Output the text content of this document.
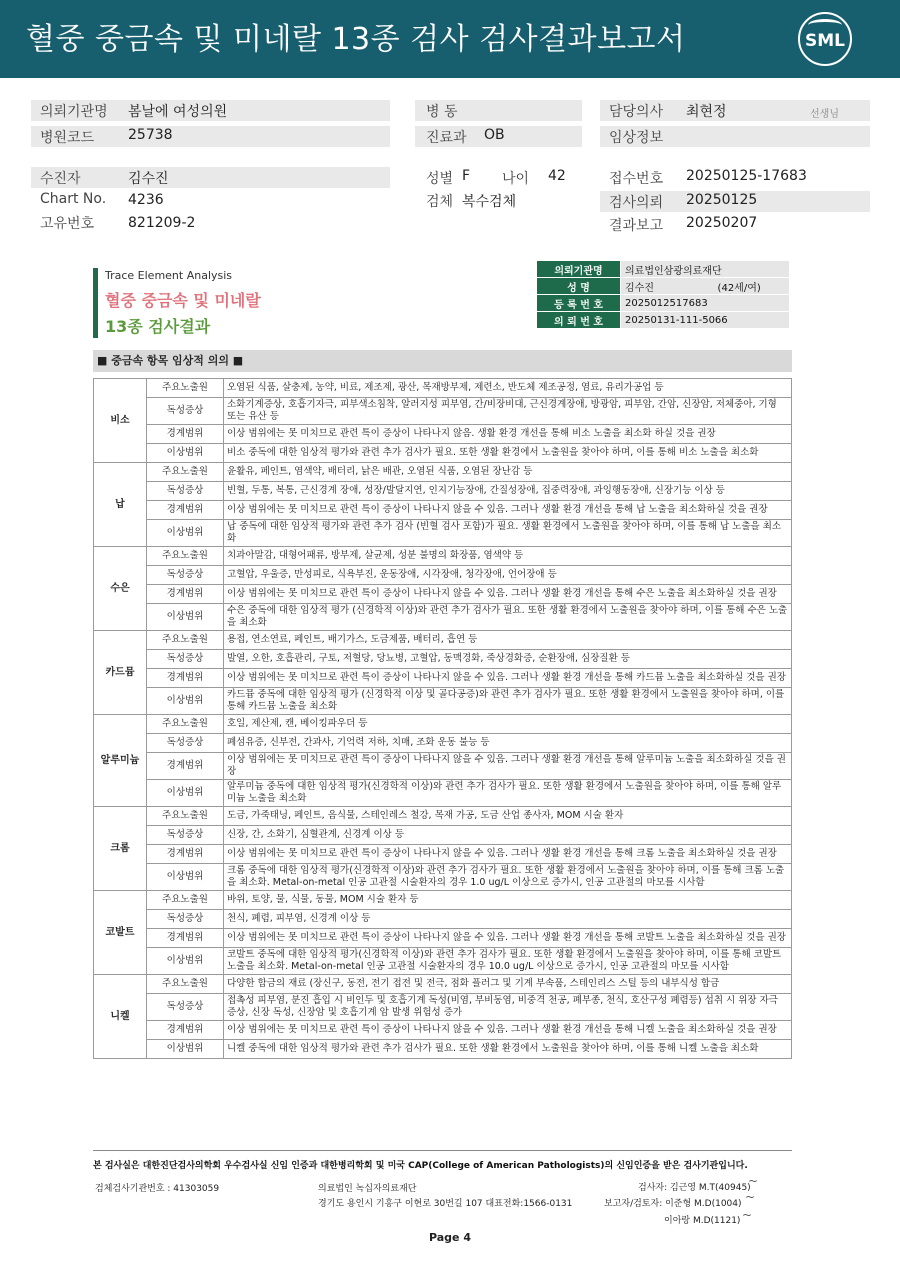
혈중 중금속 및 미네랄 13종 검사 검사결과보고서	SML
의뢰기관명 봄날에 여성의원	병 동	담당의사 최현정	선생님
병원코드 25738	진료과 OB	임상정보
수진자	김수진	성별 F 나이 42	접수번호 20250125-17683
Chart No. 4236	검체 복수검체	검사의뢰 20250125
고유번호 821209-2	결과보고 20250207
Trace Element Analysis
혈중 중금속 및 미네랄
13종 검사결과
의뢰기관명	의료법인삼광의료재단
성 명	김수진                    (42세/여)
등 록 번 호	2025012517683
의 뢰 번 호	20250131-111-5066
■ 중금속 항목 임상적 의의 ■
비소	주요노출원	오염된 식품, 살충제, 농약, 비료, 제조제, 광산, 목재방부제, 제련소, 반도체 제조공정, 염료, 유리가공업 등
	독성증상	소화기계증상, 호흡기자극, 피부색소침착, 알러지성 피부염, 간/비장비대, 근신경계장애, 방광암, 피부암, 간암, 신장암, 저체중아, 기형 또는 유산 등
	경계범위	이상 범위에는 못 미치므로 관련 특이 증상이 나타나지 않음. 생활 환경 개선을 통해 비소 노출을 최소화 하실 것을 권장
	이상범위	비소 중독에 대한 임상적 평가와 관련 추가 검사가 필요. 또한 생활 환경에서 노출원을 찾아야 하며, 이를 통해 비소 노출을 최소화
납	주요노출원	윤활유, 페인트, 염색약, 배터리, 낡은 배관, 오염된 식품, 오염된 장난감 등
	독성증상	빈혈, 두통, 복통, 근신경계 장애, 성장/발달지연, 인지기능장애, 간질성장애, 집중력장애, 과잉행동장애, 신장기능 이상 등
	경계범위	이상 범위에는 못 미치므로 관련 특이 증상이 나타나지 않을 수 있음. 그러나 생활 환경 개선을 통해 납 노출을 최소화하실 것을 권장
	이상범위	납 중독에 대한 임상적 평가와 관련 추가 검사 (빈혈 검사 포함)가 필요. 생활 환경에서 노출원을 찾아야 하며, 이를 통해 납 노출을 최소화
수은	주요노출원	치과아말감, 대형어패류, 방부제, 살균제, 성분 불명의 화장품, 염색약 등
	독성증상	고혈압, 우울증, 만성피로, 식욕부진, 운동장애, 시각장애, 청각장애, 언어장애 등
	경계범위	이상 범위에는 못 미치므로 관련 특이 증상이 나타나지 않을 수 있음. 그러나 생활 환경 개선을 통해 수은 노출을 최소화하실 것을 권장
	이상범위	수은 중독에 대한 임상적 평가 (신경학적 이상)와 관련 추가 검사가 필요. 또한 생활 환경에서 노출원을 찾아야 하며, 이를 통해 수은 노출을 최소화
카드뮴	주요노출원	용접, 연소연료, 페인트, 배기가스, 도금제품, 배터리, 흡연 등
	독성증상	발열, 오한, 호흡관리, 구토, 저혈당, 당뇨병, 고혈압, 동맥경화, 죽상경화증, 순환장애, 심장질환 등
	경계범위	이상 범위에는 못 미치므로 관련 특이 증상이 나타나지 않을 수 있음. 그러나 생활 환경 개선을 통해 카드뮴 노출을 최소화하실 것을 권장
	이상범위	카드뮴 중독에 대한 임상적 평가 (신경학적 이상 및 골다공증)와 관련 추가 검사가 필요. 또한 생활 환경에서 노출원을 찾아야 하며, 이를 통해 카드뮴 노출을 최소화
알루미늄	주요노출원	호일, 제산제, 캔, 베이킹파우더 등
	독성증상	폐섬유증, 신부전, 간과사, 기억력 저하, 치매, 조화 운동 불능 등
	경계범위	이상 범위에는 못 미치므로 관련 특이 증상이 나타나지 않을 수 있음. 그러나 생활 환경 개선을 통해 알루미늄 노출을 최소화하실 것을 권장
	이상범위	알루미늄 중독에 대한 임상적 평가(신경학적 이상)와 관련 추가 검사가 필요. 또한 생활 환경에서 노출원을 찾아야 하며, 이를 통해 알루미늄 노출을 최소화
크롬	주요노출원	도금, 가죽태닝, 페인트, 음식물, 스테인레스 철강, 목재 가공, 도금 산업 종사자, MOM 시술 환자
	독성증상	신장, 간, 소화기, 심혈관계, 신경계 이상 등
	경계범위	이상 범위에는 못 미치므로 관련 특이 증상이 나타나지 않을 수 있음. 그러나 생활 환경 개선을 통해 크롬 노출을 최소화하실 것을 권장
	이상범위	크롬 중독에 대한 임상적 평가(신경학적 이상)와 관련 추가 검사가 필요. 또한 생활 환경에서 노출원을 찾아야 하며, 이를 통해 크롬 노출을 최소화. Metal-on-metal 인공 고관절 시술환자의 경우 1.0 ug/L 이상으로 증가시, 인공 고관절의 마모를 시사함
코발트	주요노출원	바위, 토양, 물, 식물, 동물, MOM 시술 환자 등
	독성증상	천식, 폐렴, 피부염, 신경계 이상 등
	경계범위	이상 범위에는 못 미치므로 관련 특이 증상이 나타나지 않을 수 있음. 그러나 생활 환경 개선을 통해 코발트 노출을 최소화하실 것을 권장
	이상범위	코발트 중독에 대한 임상적 평가(신경학적 이상)와 관련 추가 검사가 필요. 또한 생활 환경에서 노출원을 찾아야 하며, 이를 통해 코발트 노출을 최소화. Metal-on-metal 인공 고관절 시술환자의 경우 10.0 ug/L 이상으로 증가시, 인공 고관절의 마모를 시사함
니켈	주요노출원	다양한 합금의 재료 (장신구, 동전, 전기 접전 및 전극, 점화 플러그 및 기계 부속품, 스테인리스 스틸 등의 내부식성 합금
	독성증상	접촉성 피부염, 분진 흡입 시 비인두 및 호흡기계 독성(비염, 부비동염, 비중격 천공, 폐부종, 천식, 호산구성 폐렴등) 섭취 시 위장 자극 증상, 신장 독성, 신장암 및 호흡기계 암 발생 위험성 증가
	경계범위	이상 범위에는 못 미치므로 관련 특이 증상이 나타나지 않을 수 있음. 그러나 생활 환경 개선을 통해 니켈 노출을 최소화하실 것을 권장
	이상범위	니켈 중독에 대한 임상적 평가와 관련 추가 검사가 필요. 또한 생활 환경에서 노출원을 찾아야 하며, 이를 통해 니켈 노출을 최소화
본 검사실은 대한진단검사의학회 우수검사실 신임 인증과 대한병리학회 및 미국 CAP(College of American Pathologists)의 신임인증을 받은 검사기관입니다.
검체검사기관번호 : 41303059	의료법인 녹십자의료재단
경기도 용인시 기흥구 이현로 30번길 107 대표전화:1566-0131
검사자: 김근영 M.T(40945)
보고자/검토자: 이준형 M.D(1004)
이아랑 M.D(1121)
~
~
~
Page 4
